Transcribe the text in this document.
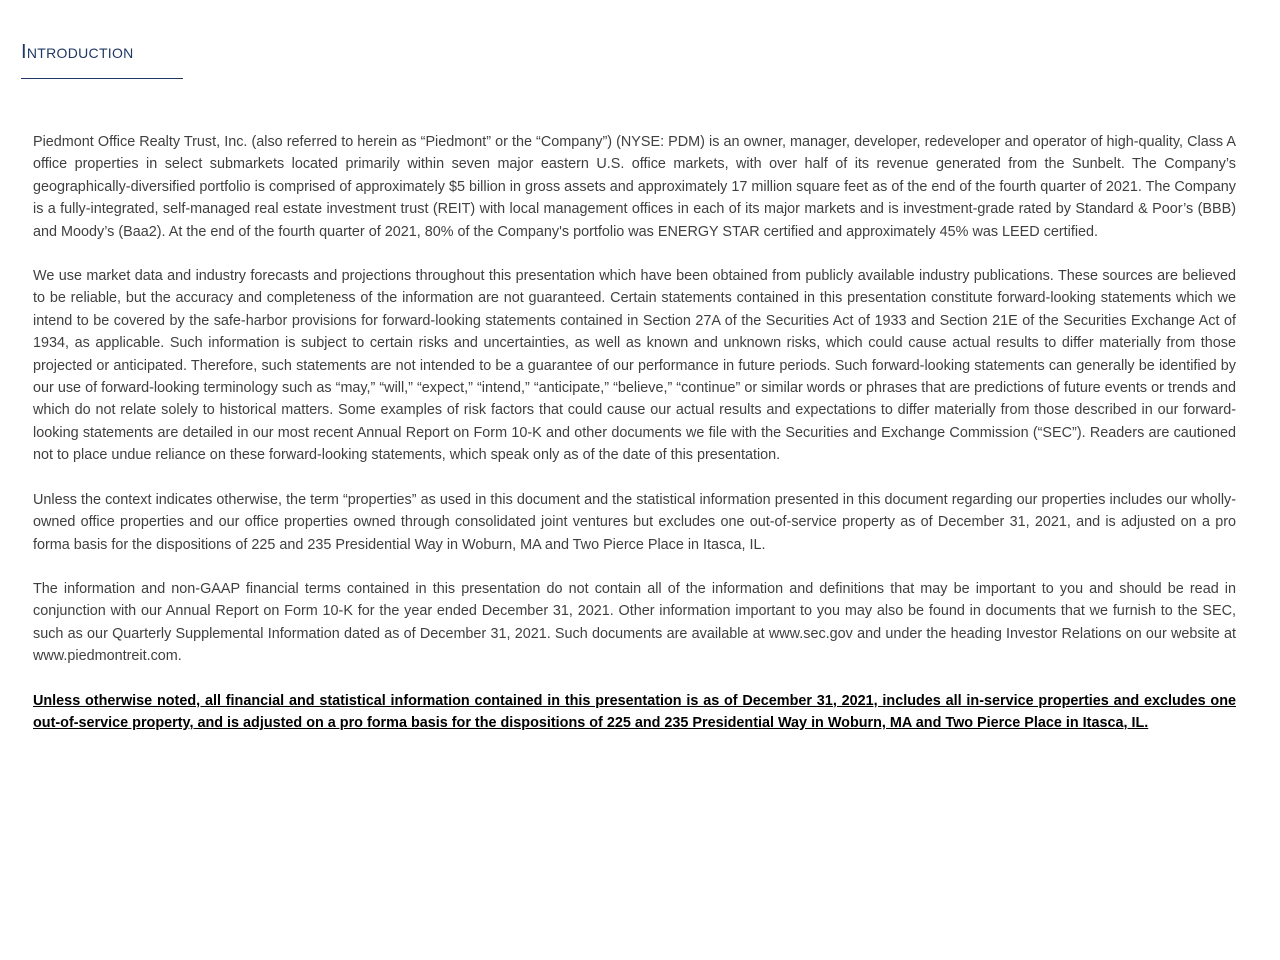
Introduction

Piedmont Office Realty Trust, Inc. (also referred to herein as “Piedmont” or the “Company”) (NYSE: PDM) is an owner, manager, developer, redeveloper and operator of high-quality, Class A office properties in select submarkets located primarily within seven major eastern U.S. office markets, with over half of its revenue generated from the Sunbelt. The Company’s geographically-diversified portfolio is comprised of approximately $5 billion in gross assets and approximately 17 million square feet as of the end of the fourth quarter of 2021. The Company is a fully-integrated, self-managed real estate investment trust (REIT) with local management offices in each of its major markets and is investment-grade rated by Standard & Poor’s (BBB) and Moody’s (Baa2). At the end of the fourth quarter of 2021, 80% of the Company's portfolio was ENERGY STAR certified and approximately 45% was LEED certified.

We use market data and industry forecasts and projections throughout this presentation which have been obtained from publicly available industry publications. These sources are believed to be reliable, but the accuracy and completeness of the information are not guaranteed. Certain statements contained in this presentation constitute forward-looking statements which we intend to be covered by the safe-harbor provisions for forward-looking statements contained in Section 27A of the Securities Act of 1933 and Section 21E of the Securities Exchange Act of 1934, as applicable. Such information is subject to certain risks and uncertainties, as well as known and unknown risks, which could cause actual results to differ materially from those projected or anticipated. Therefore, such statements are not intended to be a guarantee of our performance in future periods. Such forward-looking statements can generally be identified by our use of forward-looking terminology such as “may,” “will,” “expect,” “intend,” “anticipate,” “believe,” “continue” or similar words or phrases that are predictions of future events or trends and which do not relate solely to historical matters. Some examples of risk factors that could cause our actual results and expectations to differ materially from those described in our forward-looking statements are detailed in our most recent Annual Report on Form 10-K and other documents we file with the Securities and Exchange Commission (“SEC”). Readers are cautioned not to place undue reliance on these forward-looking statements, which speak only as of the date of this presentation.

Unless the context indicates otherwise, the term “properties” as used in this document and the statistical information presented in this document regarding our properties includes our wholly-owned office properties and our office properties owned through consolidated joint ventures but excludes one out-of-service property as of December 31, 2021, and is adjusted on a pro forma basis for the dispositions of 225 and 235 Presidential Way in Woburn, MA and Two Pierce Place in Itasca, IL.

The information and non-GAAP financial terms contained in this presentation do not contain all of the information and definitions that may be important to you and should be read in conjunction with our Annual Report on Form 10-K for the year ended December 31, 2021. Other information important to you may also be found in documents that we furnish to the SEC, such as our Quarterly Supplemental Information dated as of December 31, 2021. Such documents are available at www.sec.gov and under the heading Investor Relations on our website at www.piedmontreit.com.

Unless otherwise noted, all financial and statistical information contained in this presentation is as of December 31, 2021, includes all in-service properties and excludes one out-of-service property, and is adjusted on a pro forma basis for the dispositions of 225 and 235 Presidential Way in Woburn, MA and Two Pierce Place in Itasca, IL.
